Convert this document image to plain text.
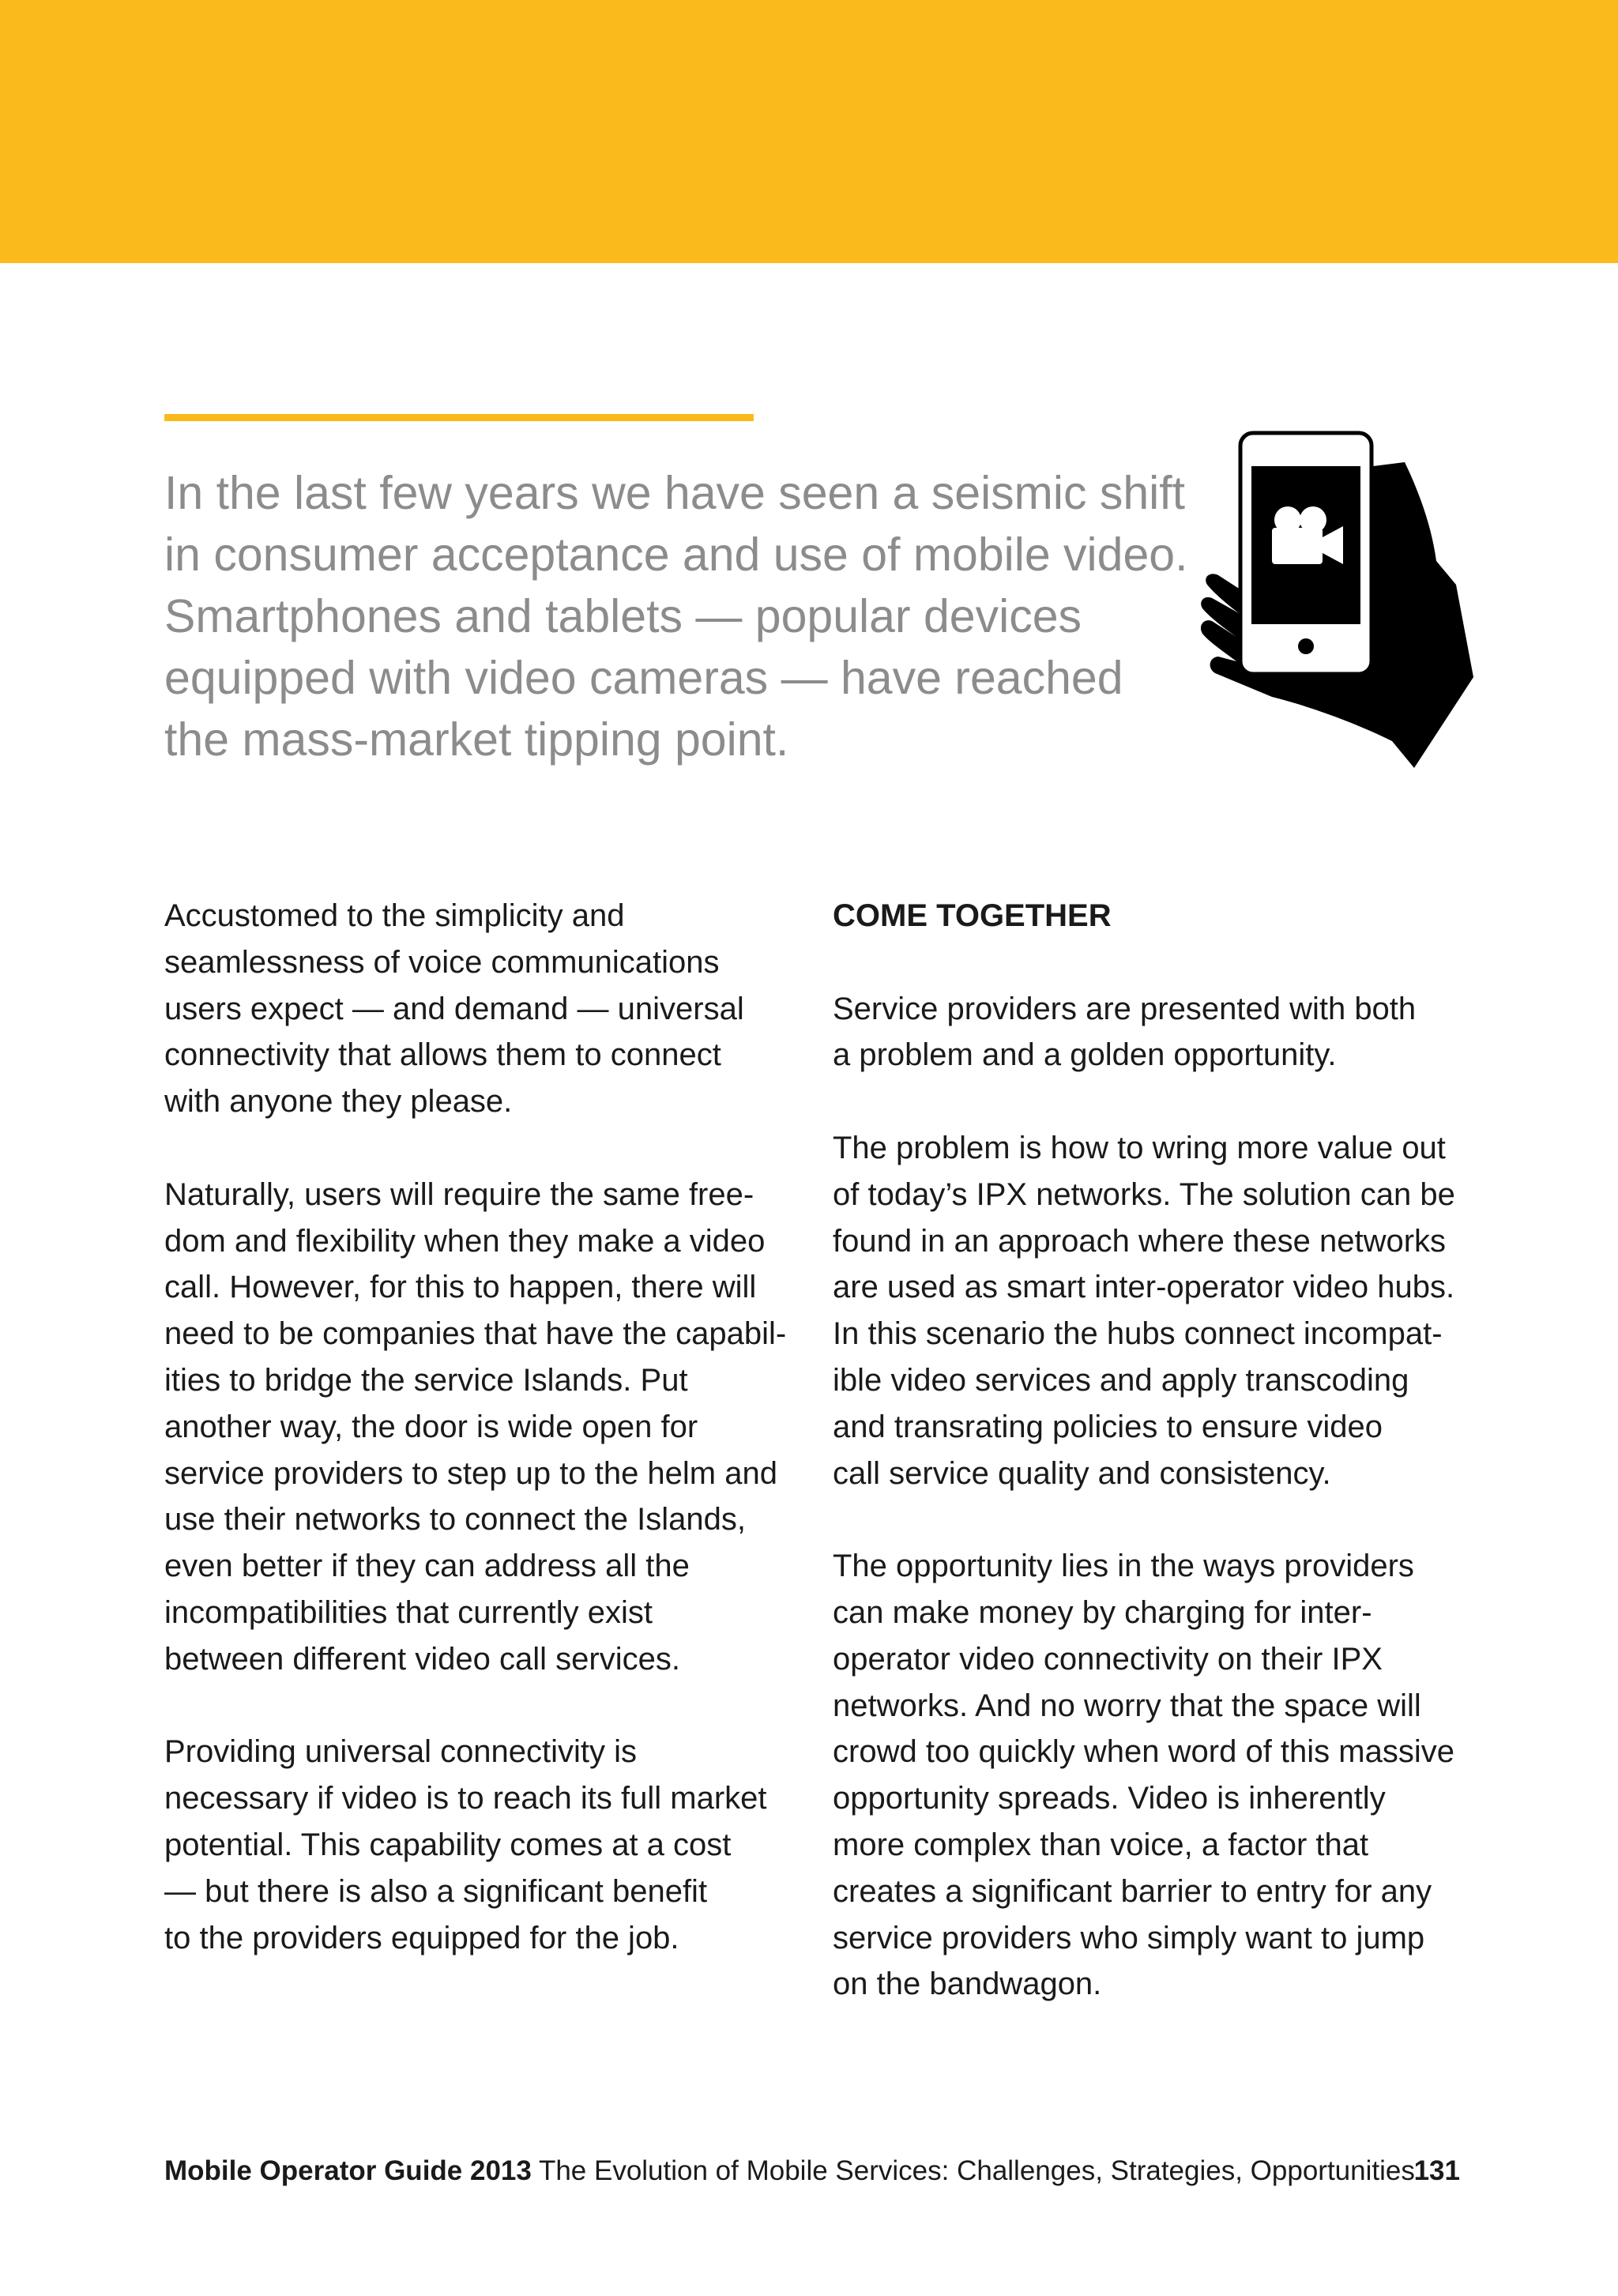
In the last few years we have seen a seismic shift
in consumer acceptance and use of mobile video.
Smartphones and tablets — popular devices
equipped with video cameras — have reached
the mass-market tipping point.

Accustomed to the simplicity and
seamlessness of voice communications
users expect — and demand — universal
connectivity that allows them to connect
with anyone they please.

Naturally, users will require the same free-
dom and flexibility when they make a video
call. However, for this to happen, there will
need to be companies that have the capabil-
ities to bridge the service Islands. Put
another way, the door is wide open for
service providers to step up to the helm and
use their networks to connect the Islands,
even better if they can address all the
incompatibilities that currently exist
between different video call services.

Providing universal connectivity is
necessary if video is to reach its full market
potential. This capability comes at a cost
— but there is also a significant benefit
to the providers equipped for the job.

COME TOGETHER

Service providers are presented with both
a problem and a golden opportunity.

The problem is how to wring more value out
of today’s IPX networks. The solution can be
found in an approach where these networks
are used as smart inter-operator video hubs.
In this scenario the hubs connect incompat-
ible video services and apply transcoding
and transrating policies to ensure video
call service quality and consistency.

The opportunity lies in the ways providers
can make money by charging for inter-
operator video connectivity on their IPX
networks. And no worry that the space will
crowd too quickly when word of this massive
opportunity spreads. Video is inherently
more complex than voice, a factor that
creates a significant barrier to entry for any
service providers who simply want to jump
on the bandwagon.

Mobile Operator Guide 2013 The Evolution of Mobile Services: Challenges, Strategies, Opportunities
131
